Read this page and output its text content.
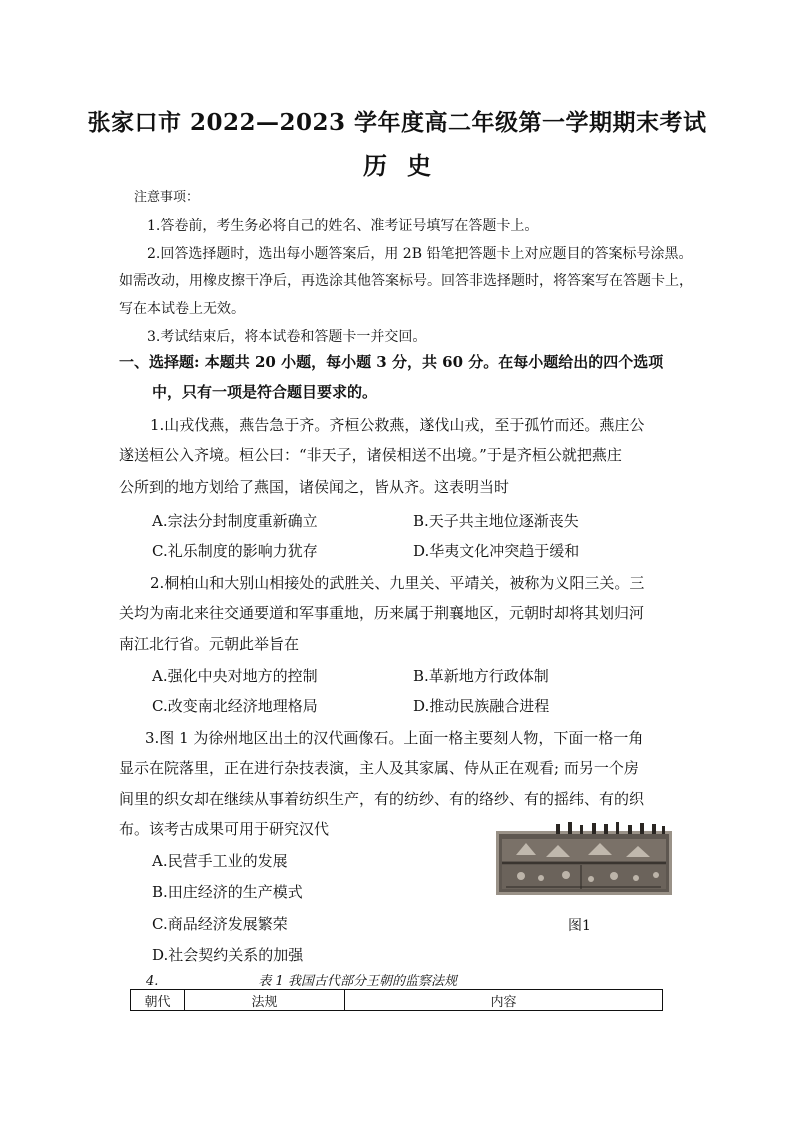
张家口市 2022—2023 学年度高二年级第一学期期末考试
历史
注意事项：
1.答卷前，考生务必将自己的姓名、准考证号填写在答题卡上。
2.回答选择题时，选出每小题答案后，用 2B 铅笔把答题卡上对应题目的答案标号涂黑。
如需改动，用橡皮擦干净后，再选涂其他答案标号。回答非选择题时，将答案写在答题卡上，
写在本试卷上无效。
3.考试结束后，将本试卷和答题卡一并交回。
一、选择题: 本题共 20 小题，每小题 3 分，共 60 分。在每小题给出的四个选项
中，只有一项是符合题目要求的。
1.山戎伐燕，燕告急于齐。齐桓公救燕，遂伐山戎，至于孤竹而还。燕庄公
遂送桓公入齐境。桓公曰：“非天子，诸侯相送不出境。”于是齐桓公就把燕庄
公所到的地方划给了燕国，诸侯闻之，皆从齐。这表明当时
A.宗法分封制度重新确立	B.天子共主地位逐渐丧失
C.礼乐制度的影响力犹存	D.华夷文化冲突趋于缓和
2.桐柏山和大别山相接处的武胜关、九里关、平靖关，被称为义阳三关。三
关均为南北来往交通要道和军事重地，历来属于荆襄地区，元朝时却将其划归河
南江北行省。元朝此举旨在
A.强化中央对地方的控制	B.革新地方行政体制
C.改变南北经济地理格局	D.推动民族融合进程
3.图 1 为徐州地区出土的汉代画像石。上面一格主要刻人物，下面一格一角
显示在院落里，正在进行杂技表演，主人及其家属、侍从正在观看; 而另一个房
间里的织女却在继续从事着纺织生产，有的纺纱、有的络纱、有的摇纬、有的织
布。该考古成果可用于研究汉代
A.民营手工业的发展
B.田庄经济的生产模式
C.商品经济发展繁荣
D.社会契约关系的加强
图1
4.	表 1 我国古代部分王朝的监察法规
朝代	法规	内容
